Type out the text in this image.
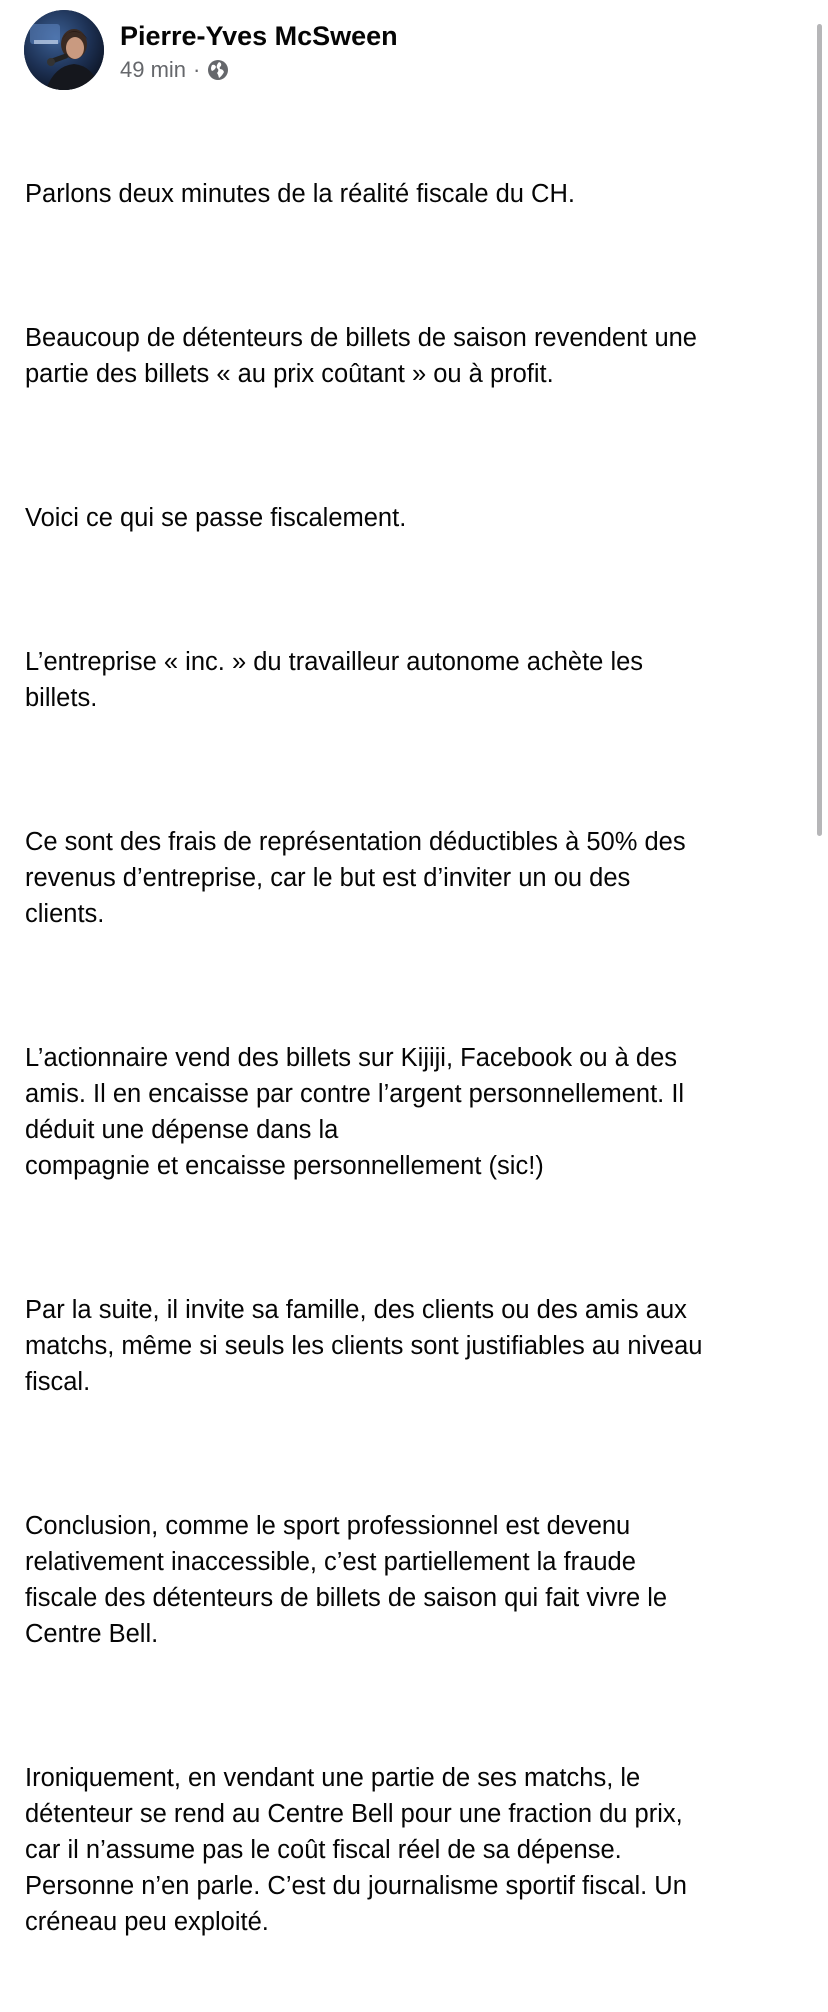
Pierre-Yves McSween
49 min ·

Parlons deux minutes de la réalité fiscale du CH.

Beaucoup de détenteurs de billets de saison revendent une
partie des billets « au prix coûtant » ou à profit.

Voici ce qui se passe fiscalement.

L’entreprise « inc. » du travailleur autonome achète les
billets.

Ce sont des frais de représentation déductibles à 50% des
revenus d’entreprise, car le but est d’inviter un ou des
clients.

L’actionnaire vend des billets sur Kijiji, Facebook ou à des
amis. Il en encaisse par contre l’argent personnellement. Il
déduit une dépense dans la
compagnie et encaisse personnellement (sic!)

Par la suite, il invite sa famille, des clients ou des amis aux
matchs, même si seuls les clients sont justifiables au niveau
fiscal.

Conclusion, comme le sport professionnel est devenu
relativement inaccessible, c’est partiellement la fraude
fiscale des détenteurs de billets de saison qui fait vivre le
Centre Bell.

Ironiquement, en vendant une partie de ses matchs, le
détenteur se rend au Centre Bell pour une fraction du prix,
car il n’assume pas le coût fiscal réel de sa dépense.
Personne n’en parle. C’est du journalisme sportif fiscal. Un
créneau peu exploité.
